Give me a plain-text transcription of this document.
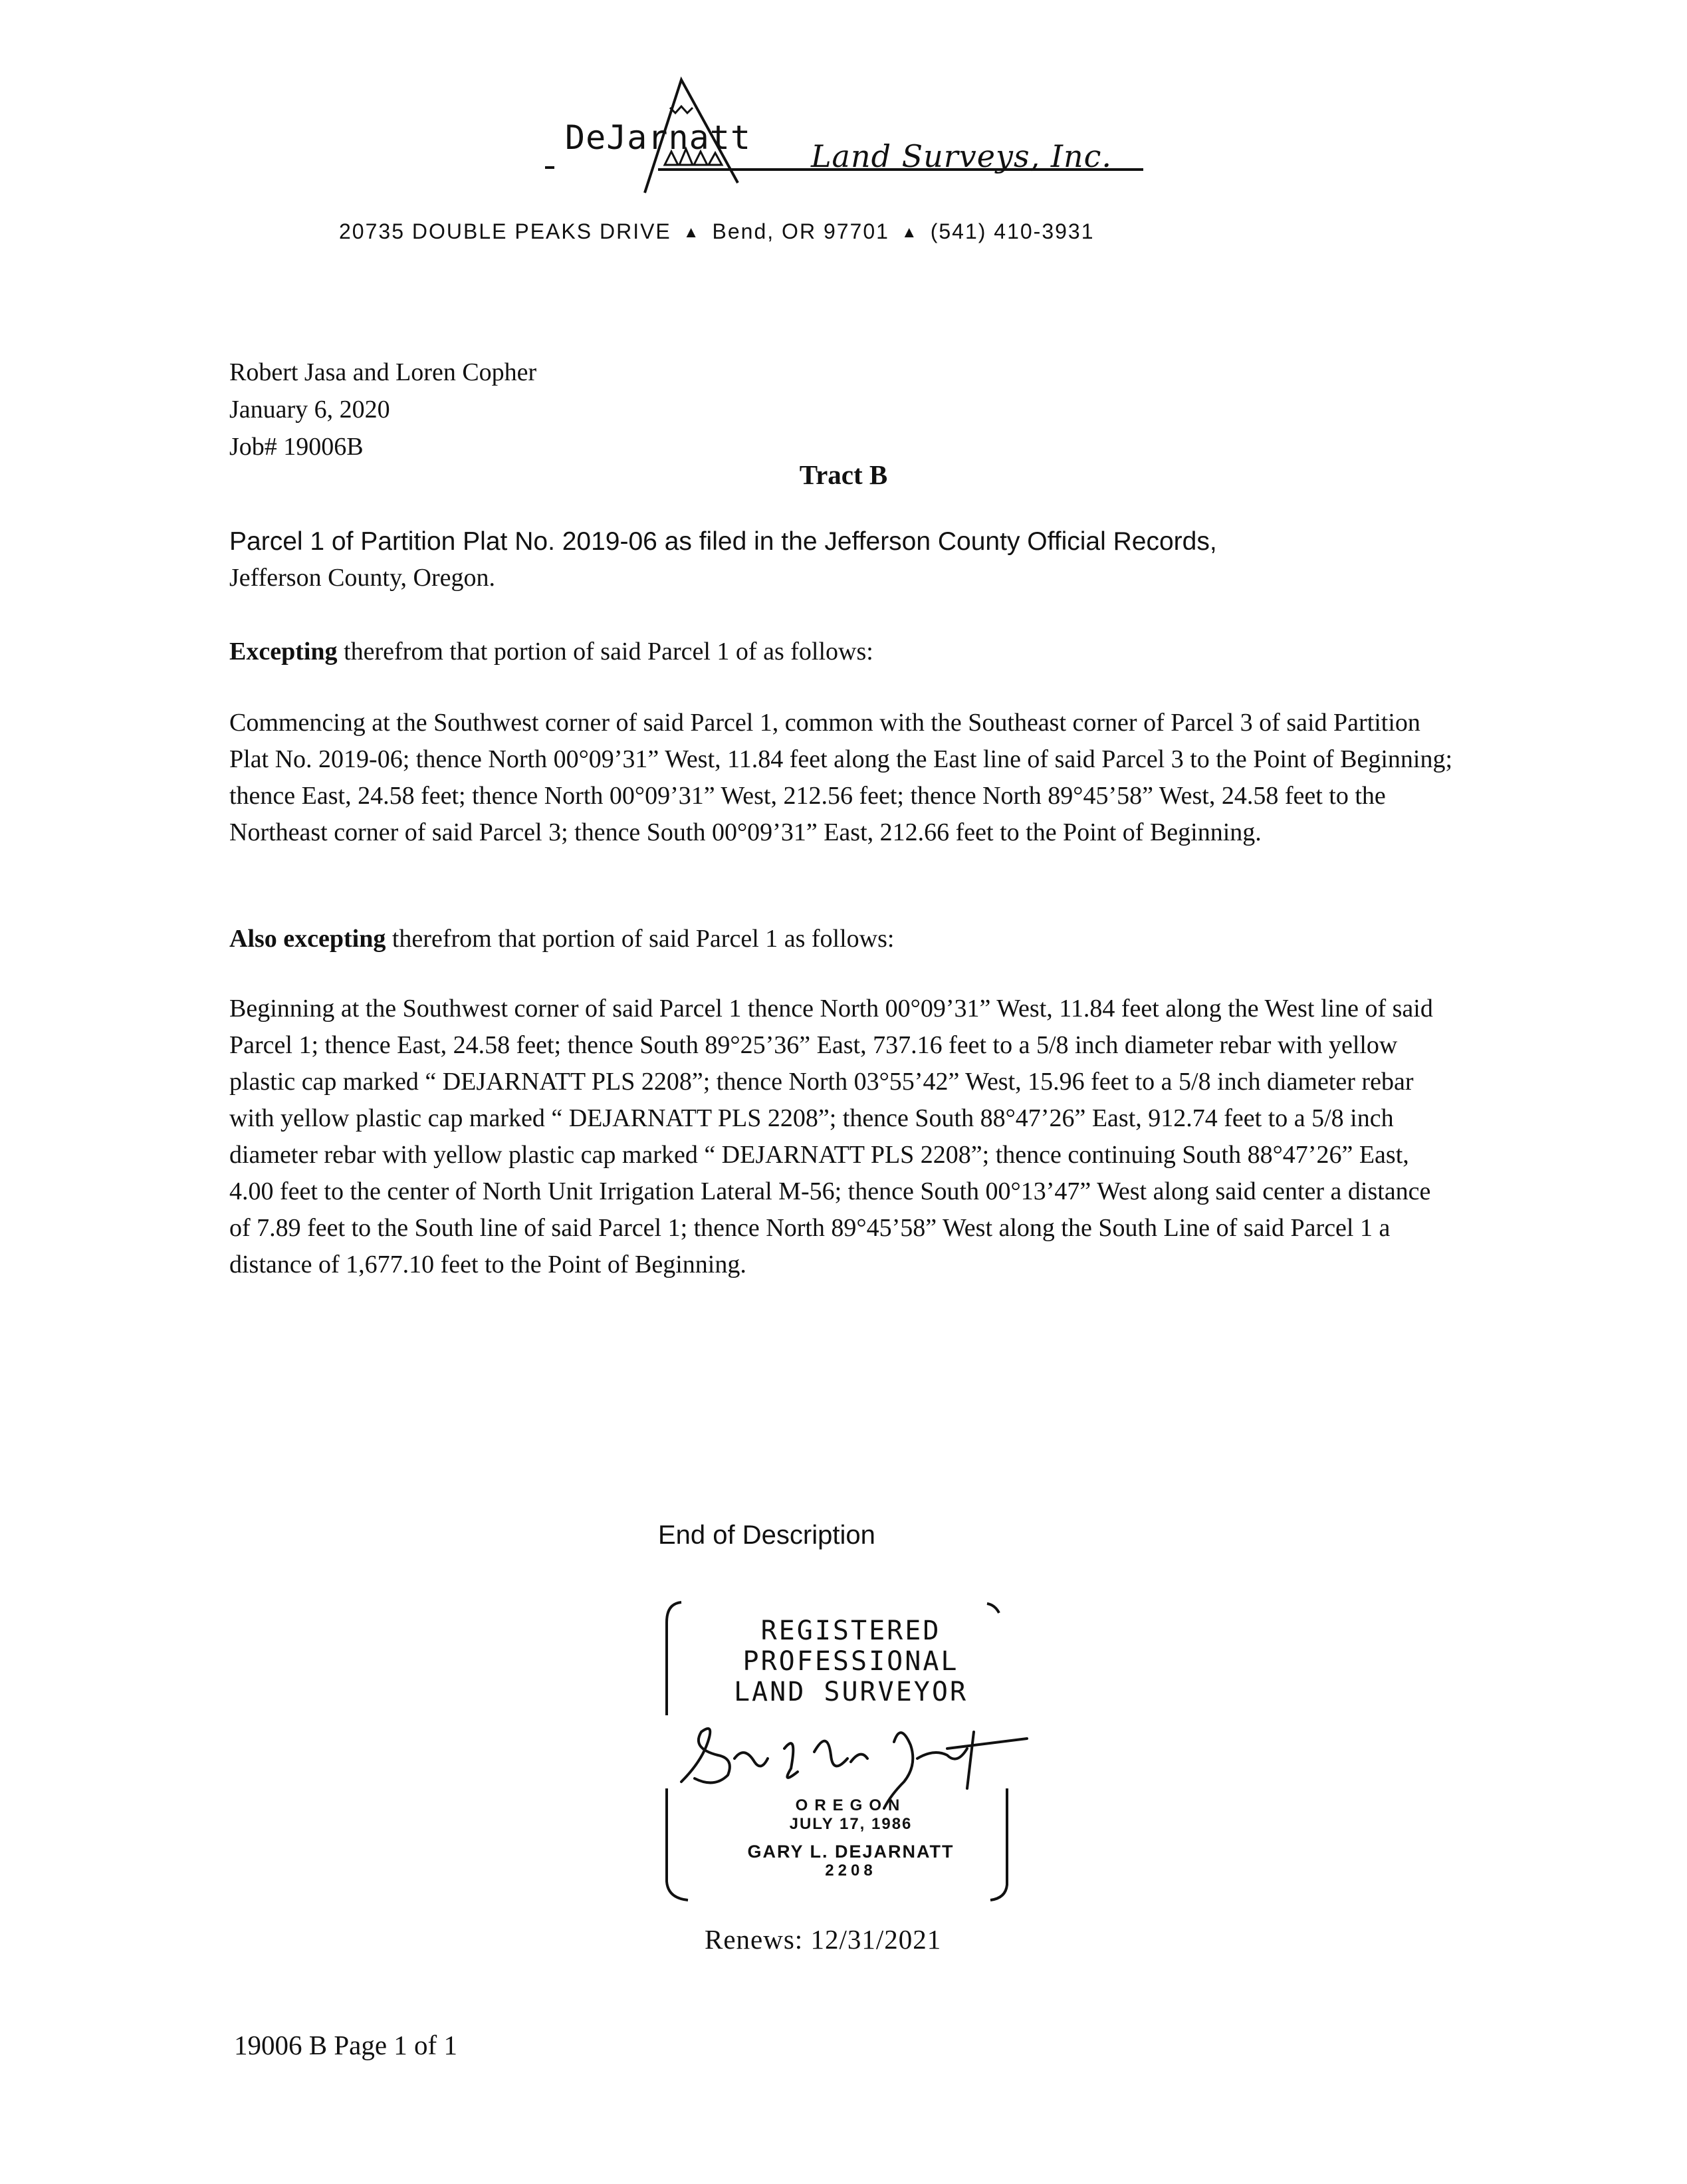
DeJarnatt Land Surveys, Inc.
20735 DOUBLE PEAKS DRIVE ▲ Bend, OR 97701 ▲ (541) 410-3931
Robert Jasa and Loren Copher
January 6, 2020
Job# 19006B
Tract B
Parcel 1 of Partition Plat No. 2019-06 as filed in the Jefferson County Official Records,
Jefferson County, Oregon.
Excepting therefrom that portion of said Parcel 1 of as follows:
Commencing at the Southwest corner of said Parcel 1, common with the Southeast corner of Parcel 3 of said Partition Plat No. 2019-06; thence North 00°09’31” West, 11.84 feet along the East line of said Parcel 3 to the Point of Beginning; thence East, 24.58 feet; thence North 00°09’31” West, 212.56 feet; thence North 89°45’58” West, 24.58 feet to the Northeast corner of said Parcel 3; thence South 00°09’31” East, 212.66 feet to the Point of Beginning.
Also excepting therefrom that portion of said Parcel 1 as follows:
Beginning at the Southwest corner of said Parcel 1 thence North 00°09’31” West, 11.84 feet along the West line of said Parcel 1; thence East, 24.58 feet; thence South 89°25’36” East, 737.16 feet to a 5/8 inch diameter rebar with yellow plastic cap marked “ DEJARNATT PLS 2208”; thence North 03°55’42” West, 15.96 feet to a 5/8 inch diameter rebar with yellow plastic cap marked “ DEJARNATT PLS 2208”; thence South 88°47’26” East, 912.74 feet to a 5/8 inch diameter rebar with yellow plastic cap marked “ DEJARNATT PLS 2208”; thence continuing South 88°47’26” East, 4.00 feet to the center of North Unit Irrigation Lateral M-56; thence South 00°13’47” West along said center a distance of 7.89 feet to the South line of said Parcel 1; thence North 89°45’58” West along the South Line of said Parcel 1 a distance of 1,677.10 feet to the Point of Beginning.
End of Description
REGISTERED
PROFESSIONAL
LAND SURVEYOR
OREGON
JULY 17, 1986
GARY L. DEJARNATT
2208
Renews: 12/31/2021
19006 B Page 1 of 1
